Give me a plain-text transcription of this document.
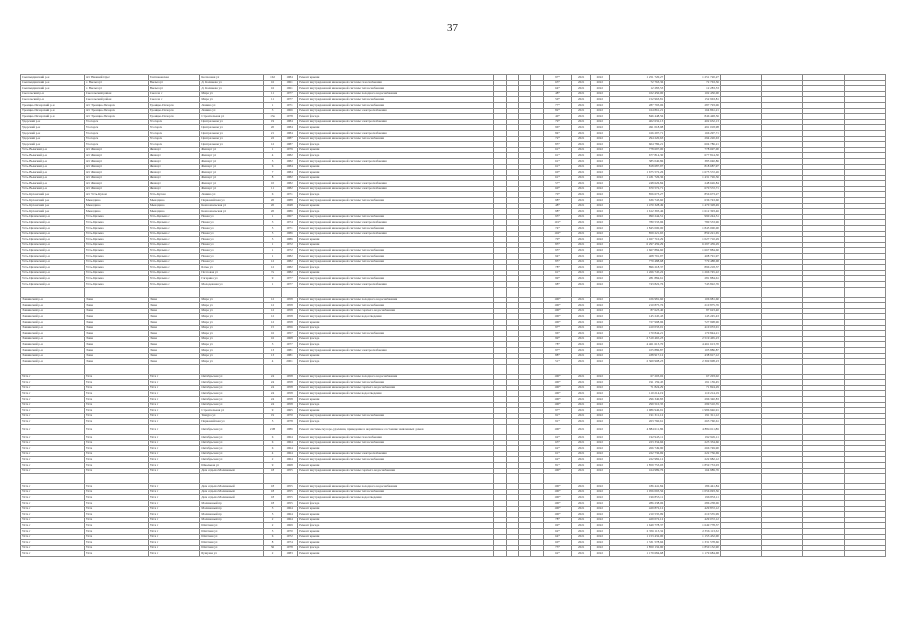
37
Сыктывдинский р-н	пгт Нижний Одес	Тентюковская	Колхозная ул	162	1984	Ремонт крыши					97*	2021	2022	1 251 720,27	1 251 720,27				
Сыктывдинский р-н	с. Выльгорт	Выльгорт	Д. Каликова ул	16	1961	Ремонт внутридомовой инженерной системы газоснабжения					63*	2021	2022	72 763,36	72 763,36				
Сыктывдинский р-н	с. Выльгорт	Выльгорт	Д. Каликова ул	16	1961	Ремонт внутридомовой инженерной системы теплоснабжения					64*	2021	2022	12 283,53	12 283,53				
Сысольский р-н	Сысольский район	Сысола с	Мира ул	11	1977	Ремонт внутридомовой инженерной системы холодного водоснабжения					48*	2021	2022	102 450,00	102 450,00				
Сысольский р-н	Сысольский район	Сысола с	Мира ул	11	1977	Ремонт внутридомовой инженерной системы теплоснабжения					50*	2021	2022	152 963,81	152 963,81				
Троицко-Печорский р-н	пгт Троицко-Печорск	Троицко-Печорск	Ленина ул	1	1971	Ремонт внутридомовой инженерной системы теплоснабжения					77*	2021	2022	287 793,06	287 793,06				
Троицко-Печорский р-н	пгт Троицко-Печорск	Троицко-Печорск	Ленина ул	3	1966	Ремонт внутридомовой инженерной системы электроснабжения					82*	2021	2022	164 861,21	164 861,21				
Троицко-Печорский р-н	пгт Троицко-Печорск	Троицко-Печорск	Строительная ул	13а	1978	Ремонт фасада					40*	2021	2022	846 448,56	846 448,56				
Удорский р-н	Усогорск	Усогорск	Центральная ул	19	1984	Ремонт внутридомовой инженерной системы электроснабжения					79*	2021	2022	402 632,13	402 632,13				
Удорский р-н	Усогорск	Усогорск	Центральная ул	20	1984	Ремонт крыши					96*	2021	2022	491 018,98	491 018,98				
Удорский р-н	Усогорск	Усогорск	Центральная ул	21	1984	Ремонт внутридомовой инженерной системы электроснабжения					84*	2021	2022	166 297,71	166 297,71				
Удорский р-н	Усогорск	Усогорск	Центральная ул	22	1987	Ремонт внутридомовой инженерной системы теплоснабжения					72*	2021	2022	294 220,63	294 220,63				
Удорский р-н	Усогорск	Усогорск	Центральная ул	12	1987	Ремонт фасада					85*	2021	2022	604 786,21	604 786,21				
Усть-Вымский р-н	пгт Жешарт	Жешарт	Жешарт ул	1	1979	Ремонт крыши					61*	2021	2022	778 697,00	778 697,00				
Усть-Вымский р-н	пгт Жешарт	Жешарт	Жешарт ул	4	1982	Ремонт фасада					61*	2021	2022	677 814,30	677 814,30				
Усть-Вымский р-н	пгт Жешарт	Жешарт	Жешарт ул	5	1982	Ремонт внутридомовой инженерной системы электроснабжения					61*	2021	2022	385 040,86	385 040,86				
Усть-Вымский р-н	пгт Жешарт	Жешарт	Жешарт ул	6	1984	Ремонт крыши					61*	2021	2022	818 687,97	818 687,97				
Усть-Вымский р-н	пгт Жешарт	Жешарт	Жешарт ул	7	1984	Ремонт крыши					60*	2021	2022	1 675 572,26	1 675 572,26				
Усть-Вымский р-н	пгт Жешарт	Жешарт	Жешарт ул	8	1982	Ремонт крыши					61*	2021	2022	1 431 726,36	1 431 726,36				
Усть-Вымский р-н	пгт Жешарт	Жешарт	Жешарт ул	10	1982	Ремонт внутридомовой инженерной системы электроснабжения					57*	2021	2022	248 626,84	248 626,84				
Усть-Вымский р-н	пгт Жешарт	Жешарт	Жешарт ул	11	1982	Ремонт внутридомовой инженерной системы электроснабжения					60*	2021	2022	670 572,71	670 572,71				
Усть-Куломский р-н	пгт Усть-Кулом	Усть-Кулом	Ленина ул	6	1971	Ремонт фасада					70*	2021	2022	856 673,27	856 673,27				
Усть-Куломский р-н	Мыелдино	Мыелдино	Первомайская ул	20	1988	Ремонт внутридомовой инженерной системы теплоснабжения					98*	2021	2022	636 743,60	636 743,60				
Усть-Куломский р-н	Мыелдино	Мыелдино	Комсомольская ул	20	1948	Ремонт крыши					48*	2021	2022	1 470 328,49	1 470 328,49				
Усть-Куломский р-н	Мыелдино	Мыелдино	Комсомольская ул	20	1986	Ремонт фасада					98*	2021	2022	1 612 393,46	1 612 393,46				
Усть-Цилемский р-н	Усть-Цильма	Усть-Цильма с	Новая ул	1	1967	Ремонт внутридомовой инженерной системы теплоснабжения					95*	2021	2022	990 244,51	990 244,51				
Усть-Цилемский р-н	Усть-Цильма	Усть-Цильма с	Новая ул	3	1974	Ремонт внутридомовой инженерной системы электроснабжения					101*	2021	2022	780 533,96	780 533,96				
Усть-Цилемский р-н	Усть-Цильма	Усть-Цильма с	Новая ул	5	1971	Ремонт внутридомовой инженерной системы теплоснабжения					74*	2021	2022	1 845 000,00	1 845 000,00				
Усть-Цилемский р-н	Усть-Цильма	Усть-Цильма с	Новая ул	5	1986	Ремонт внутридомовой инженерной системы электроснабжения					102*	2021	2022	859 221,65	859 221,65				
Усть-Цилемский р-н	Усть-Цильма	Усть-Цильма с	Новая ул	5	1986	Ремонт крыши					70*	2021	2022	1 027 710,29	1 027 710,29				
Усть-Цилемский р-н	Усть-Цильма	Усть-Цильма с	Новая ул	1	1972	Ремонт крыши					85*	2021	2022	6 297 459,29	6 297 459,29				
Усть-Цилемский р-н	Усть-Цильма	Усть-Цильма с	Новая ул	1	1972	Ремонт внутридомовой инженерной системы теплоснабжения					95*	2021	2022	1 667 884,60	1 667 884,60				
Усть-Цилемский р-н	Усть-Цильма	Усть-Цильма с	Новая ул	1	1982	Ремонт внутридомовой инженерной системы теплоснабжения					94*	2021	2022	408 791,97	408 791,97				
Усть-Цилемский р-н	Усть-Цильма	Усть-Цильма с	Новая ул	12	1982	Ремонт внутридомовой инженерной системы теплоснабжения					85*	2021	2022	779 488,68	779 488,68				
Усть-Цилемский р-н	Усть-Цильма	Усть-Цильма с	Батьк ул	12	1982	Ремонт фасада					78*	2021	2022	896 218,37	896 218,37				
Усть-Цилемский р-н	Усть-Цильма	Усть-Цильма с	Почтовая ул	7а	1982	Ремонт крыши					61*	2021	2022	1 266 745,22	1 266 745,22				
Усть-Цилемский р-н	Усть-Цильма	Усть-Цильма с	Гагарина ул	9	1977	Ремонт внутридомовой инженерной системы теплоснабжения					99*	2021	2022	281 884,61	281 884,61				
Усть-Цилемский р-н	Усть-Цильма	Усть-Цильма с	Молодежная ул	1	1977	Ремонт внутридомовой инженерной системы электроснабжения					98*	2021	2022	743 822,76	743 822,76				

Эжвинский р-н	Эжва	Эжва	Мира ул	12	1958	Ремонт внутридомовой инженерной системы холодного водоснабжения					100*	2021	2022	106 981,60	106 981,60				
Эжвинский р-н	Эжва	Эжва	Мира ул	12	1958	Ремонт внутридомовой инженерной системы теплоснабжения					100*	2021	2022	210 875,76	210 875,76				
Эжвинский р-н	Эжва	Эжва	Мира ул	12	1958	Ремонт внутридомовой инженерной системы горячего водоснабжения					100*	2021	2022	87 623,40	87 623,40				
Эжвинский р-н	Эжва	Эжва	Мира ул	12	1958	Ремонт внутридомовой инженерной системы водоотведения					100*	2021	2022	145 245,43	145 245,43				
Эжвинский р-н	Эжва	Эжва	Мира ул	12	1958	Ремонт крыши					100*	2021	2022	727 998,96	727 998,96				
Эжвинский р-н	Эжва	Эжва	Мира ул	15	1956	Ремонт фасада					97*	2021	2022	410 033,01	410 033,01				
Эжвинский р-н	Эжва	Эжва	Мира ул	16	1957	Ремонт внутридомовой инженерной системы теплоснабжения					96*	2021	2022	170 844,21	170 844,21				
Эжвинский р-н	Эжва	Эжва	Мира ул	16	1968	Ремонт фасада					99*	2021	2022	2 519 465,23	2 519 465,23				
Эжвинский р-н	Эжва	Эжва	Мира ул	3	1977	Ремонт фасада					78*	2021	2022	4 461 613,70	4 461 613,70				
Эжвинский р-н	Эжва	Эжва	Мира ул	13	1981	Ремонт внутридомовой инженерной системы электроснабжения					97*	2021	2022	105 886,87	105 886,87				
Эжвинский р-н	Эжва	Эжва	Мира ул	13	1981	Ремонт крыши					88*	2021	2022	438 917,12	438 917,12				
Эжвинский р-н	Эжва	Эжва	Мира ул	4	2001	Ремонт фасада					51*	2021	2022	2 369 908,23	2 369 908,23				

Ухта г	Ухта	Ухта г	Октябрьская ул	24	1958	Ремонт внутридомовой инженерной системы холодного водоснабжения					100*	2021	2022	67 203,02	67 203,02				
Ухта г	Ухта	Ухта г	Октябрьская ул	24	1958	Ремонт внутридомовой инженерной системы теплоснабжения					100*	2021	2022	191 159,45	191 159,45				
Ухта г	Ухта	Ухта г	Октябрьская ул	24	1958	Ремонт внутридомовой инженерной системы горячего водоснабжения					100*	2021	2022	71 824,29	71 824,29				
Ухта г	Ухта	Ухта г	Октябрьская ул	24	1958	Ремонт внутридомовой инженерной системы водоотведения					100*	2021	2022	110 214,19	110 214,19				
Ухта г	Ухта	Ухта г	Октябрьская ул	24	1958	Ремонт крыши					100*	2021	2022	296 340,83	296 340,83				
Ухта г	Ухта	Ухта г	Октябрьская ул	24	1958	Ремонт фасада					100*	2021	2022	299 510,35	299 510,35				
Ухта г	Ухта	Ухта г	Строительная ул	9	1965	Ремонт крыши					97*	2021	2022	1 986 946,91	1 986 946,91				
Ухта г	Ухта	Ухта г	Тимура ул	19	1970	Ремонт внутридомовой инженерной системы теплоснабжения					91*	2021	2022	191 311,12	191 311,12				
Ухта г	Ухта	Ухта г	Первомайская ул	5	1978	Ремонт фасада					91*	2021	2022	263 760,61	263 760,61				
Ухта г	Ухта	Ухта г	Октябрьская ул	21В	1986	Ремонт системы мусоро-удаления, приведение в нормативное состояние заявленных домов					100*	2021	2022	4 884 611,86	4 884 611,86				
Ухта г	Ухта	Ухта г	Октябрьская ул	6	1964	Ремонт внутридомовой инженерной системы газоснабжения					62*	2021	2022	192 945,11	192 945,11				
Ухта г	Ухта	Ухта г	Октябрьская ул	6	1964	Ремонт внутридомовой инженерной системы теплоснабжения					63*	2021	2022	223 334,66	223 334,66				
Ухта г	Ухта	Ухта г	Октябрьская ул	6	1964	Ремонт крыши					62*	2021	2022	266 749,90	266 749,90				
Ухта г	Ухта	Ухта г	Октябрьская ул	4	1964	Ремонт внутридомовой инженерной системы электроснабжения					61*	2021	2022	222 736,69	222 736,69				
Ухта г	Ухта	Ухта г	Октябрьская ул	2	1964	Ремонт внутридомовой инженерной системы теплоснабжения					62*	2021	2022	222 982,12	222 982,12				
Ухта г	Ухта	Ухта г	Школьная ул	9	1968	Ремонт крыши					81*	2021	2022	1 859 753,03	1 859 753,03				
Ухта г	Ухта	Ухта г	Дом отдыха Малиновый	18	1955	Ремонт внутридомовой инженерной системы горячего водоснабжения					100*	2021	2022	164 989,76	164 989,76				

Ухта г	Ухта	Ухта г	Дом отдыха Малиновый	18	1955	Ремонт внутридомовой инженерной системы холодного водоснабжения					100*	2021	2022	186 441,84	186 441,84				
Ухта г	Ухта	Ухта г	Дом отдыха Малиновый	18	1955	Ремонт внутридомовой инженерной системы теплоснабжения					100*	2021	2022	1 056 093,56	1 056 093,56				
Ухта г	Ухта	Ухта г	Дом отдыха Малиновый	18	1955	Ремонт внутридомовой инженерной системы водоотведения					100*	2021	2022	196 853,11	196 853,11				
Ухта г	Ухта	Ухта г	Малиновый пр	18	1955	Ремонт фасада					100*	2021	2022	286 238,06	286 238,06				
Ухта г	Ухта	Ухта г	Малиновый пр	3	1964	Ремонт крыши					100*	2021	2022	429 872,12	429 872,12				
Ухта г	Ухта	Ухта г	Малиновый пр	5	1964	Ремонт крыши					100*	2021	2022	210 535,99	210 535,99				
Ухта г	Ухта	Ухта г	Малиновый пр	2	1964	Ремонт крыши					78*	2021	2022	429 072,12	429 072,12				
Ухта г	Ухта	Ухта г	Шахтная ул	2	1969	Ремонт фасада					69*	2021	2022	1 649 778,37	1 649 778,37				
Ухта г	Ухта	Ухта г	Шахтная ул	5	1970	Ремонт крыши					62*	2021	2022	2 356 113,32	2 356 113,32				
Ухта г	Ухта	Ухта г	Шахтная ул	6	1972	Ремонт крыши					64*	2021	2022	1 153 432,00	1 153 432,00				
Ухта г	Ухта	Ухта г	Шахтная ул	8	1974	Ремонт крыши					60*	2021	2022	1 331 578,66	1 331 578,66				
Ухта г	Ухта	Ухта г	Шахтная ул	36	1978	Ремонт фасада					73*	2021	2022	1 850 132,90	1 850 132,90				
Ухта г	Ухта	Ухта г	Бушуева ул	2	1983	Ремонт крыши					62*	2021	2022	1 179 684,68	1 179 684,68				
